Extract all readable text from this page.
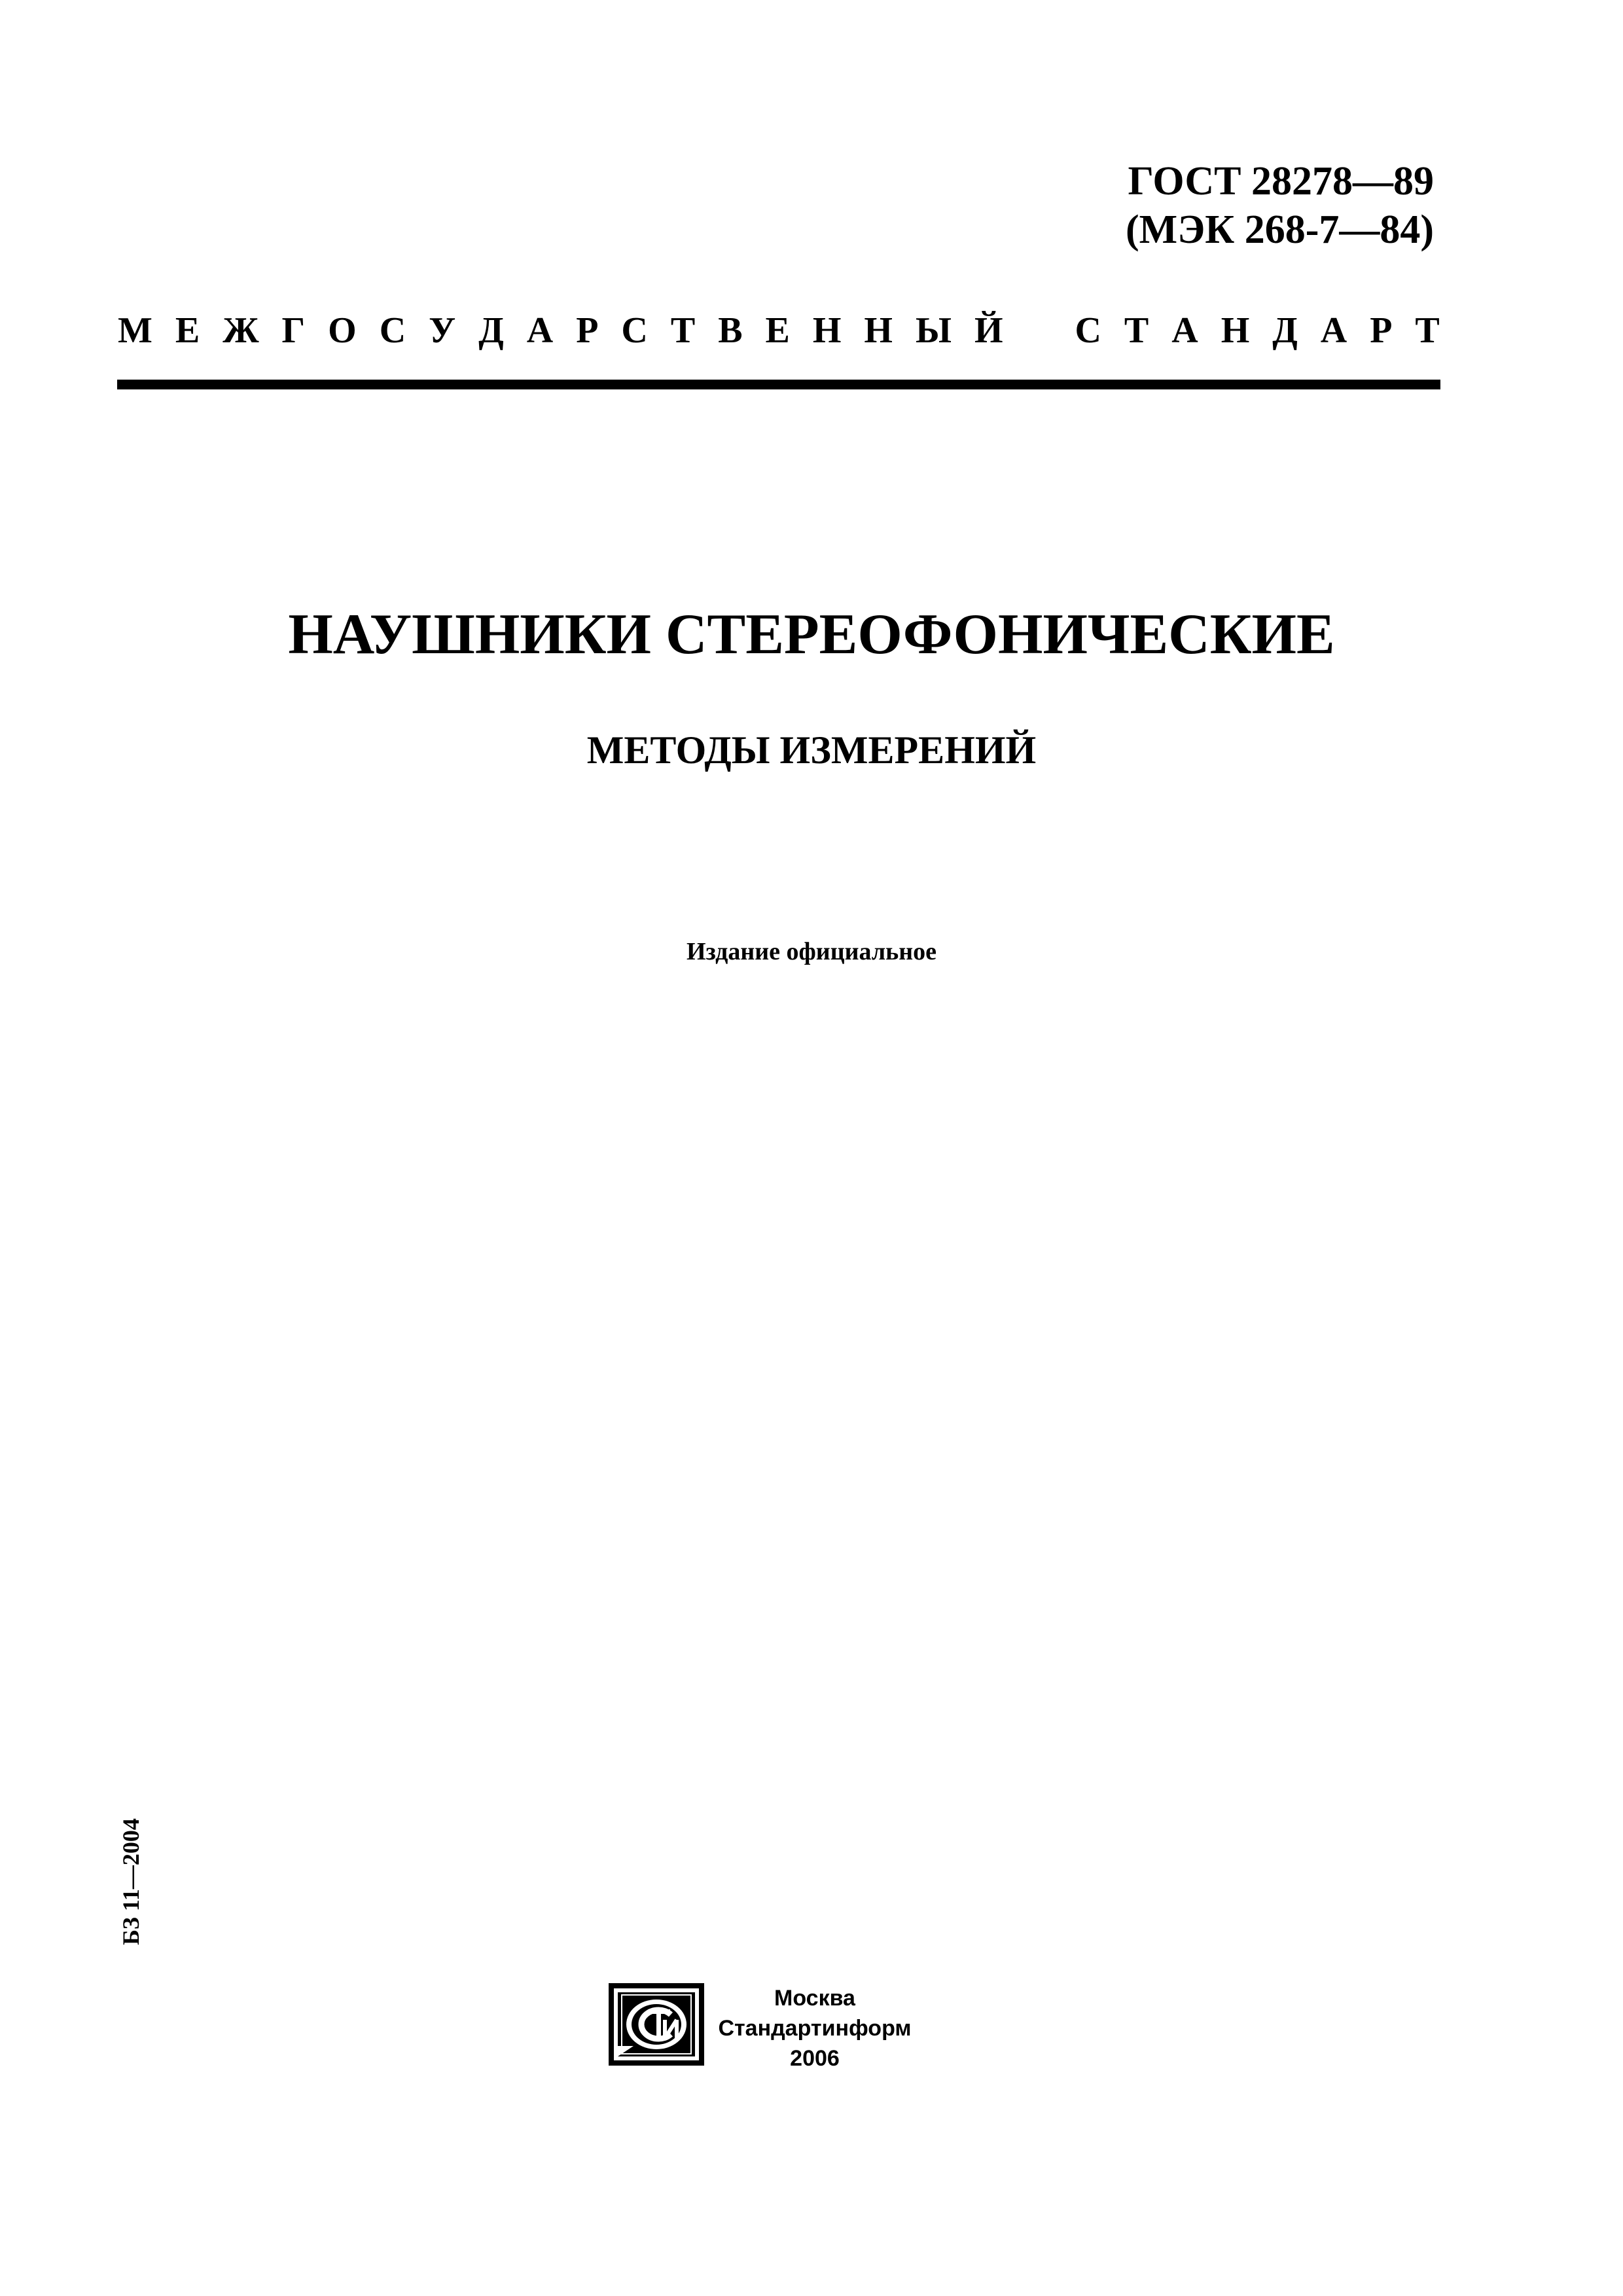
ГОСТ 28278—89
(МЭК 268-7—84)
М Е Ж Г О С У Д А Р С Т В Е Н Н Ы Й С Т А Н Д А Р Т
НАУШНИКИ СТЕРЕОФОНИЧЕСКИЕ
МЕТОДЫ ИЗМЕРЕНИЙ
Издание официальное
БЗ 11—2004
Москва
Стандартинформ
2006
